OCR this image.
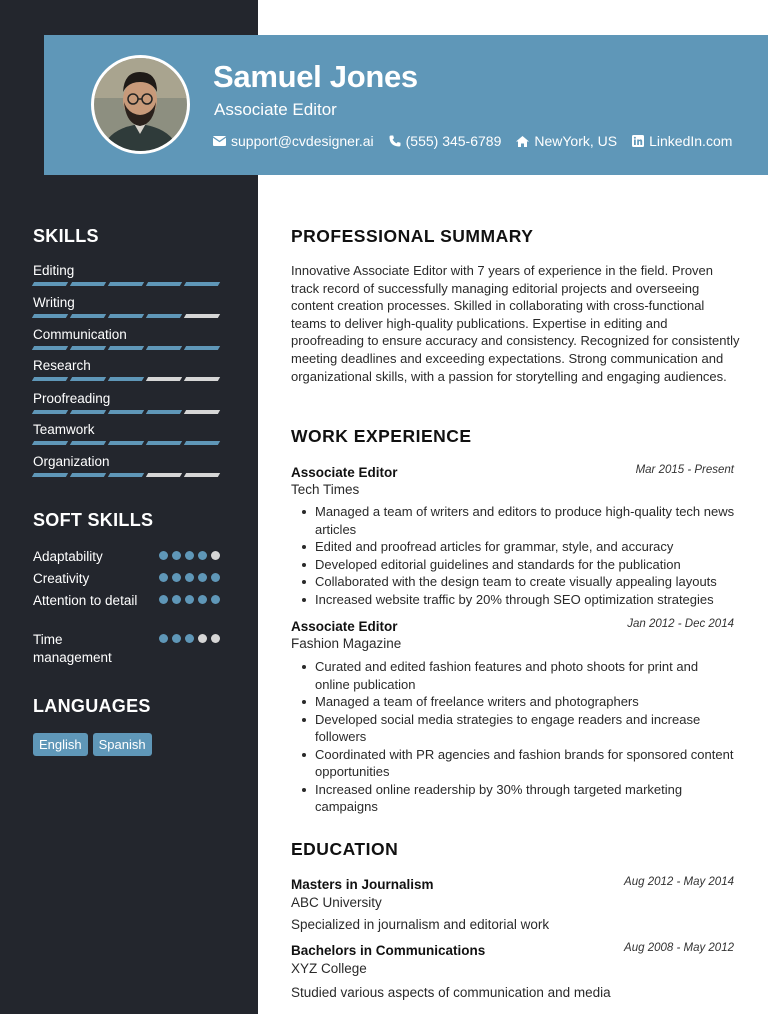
Samuel Jones
Associate Editor
support@cvdesigner.ai (555) 345-6789 NewYork, US LinkedIn.com
SKILLS
Editing
Writing
Communication
Research
Proofreading
Teamwork
Organization
SOFT SKILLS
Adaptability
Creativity
Attention to detail
Time management
LANGUAGES
English	Spanish
PROFESSIONAL SUMMARY

Innovative Associate Editor with 7 years of experience in the field. Proven track record of successfully managing editorial projects and overseeing content creation processes. Skilled in collaborating with cross-functional teams to deliver high-quality publications. Expertise in editing and proofreading to ensure accuracy and consistency. Recognized for consistently meeting deadlines and exceeding expectations. Strong communication and organizational skills, with a passion for storytelling and engaging audiences.

WORK EXPERIENCE
Associate Editor	Mar 2015 - Present
Tech Times
Managed a team of writers and editors to produce high-quality tech news articles
Edited and proofread articles for grammar, style, and accuracy
Developed editorial guidelines and standards for the publication
Collaborated with the design team to create visually appealing layouts
Increased website traffic by 20% through SEO optimization strategies
Associate Editor	Jan 2012 - Dec 2014
Fashion Magazine
Curated and edited fashion features and photo shoots for print and online publication
Managed a team of freelance writers and photographers
Developed social media strategies to engage readers and increase followers
Coordinated with PR agencies and fashion brands for sponsored content opportunities
Increased online readership by 30% through targeted marketing campaigns
EDUCATION
Masters in Journalism	Aug 2012 - May 2014
ABC University
Specialized in journalism and editorial work
Bachelors in Communications	Aug 2008 - May 2012
XYZ College
Studied various aspects of communication and media
